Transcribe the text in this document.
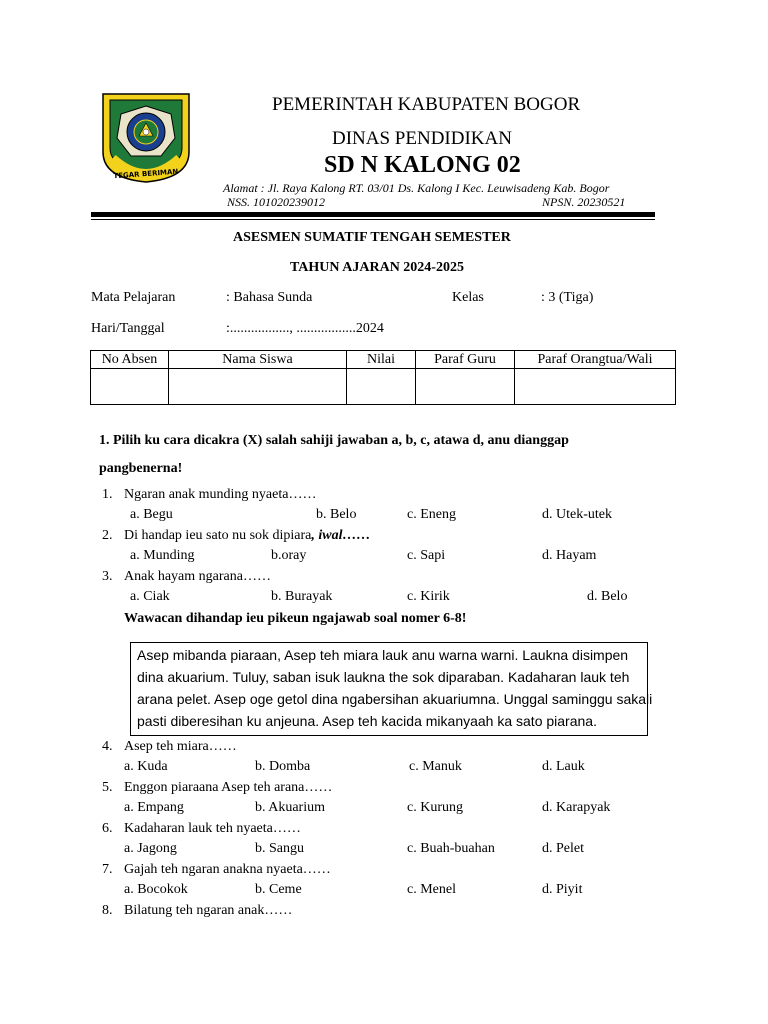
TEGAR BERIMAN
PEMERINTAH KABUPATEN BOGOR
DINAS PENDIDIKAN
SD N KALONG 02
Alamat : Jl. Raya Kalong RT. 03/01 Ds. Kalong I Kec. Leuwisadeng Kab. Bogor
NSS. 101020239012	NPSN. 20230521
ASESMEN SUMATIF TENGAH SEMESTER
TAHUN AJARAN 2024-2025
Mata Pelajaran	: Bahasa Sunda	Kelas	: 3 (Tiga)
Hari/Tanggal	:................., .................2024
No Absen	Nama Siswa	Nilai	Paraf Guru	Paraf Orangtua/Wali

1. Pilih ku cara dicakra (X) salah sahiji jawaban a, b, c, atawa d, anu dianggap
pangbenerna!
1. Ngaran anak munding nyaeta……
a. Begu	b. Belo	c. Eneng	d. Utek-utek
2. Di handap ieu sato nu sok dipiara, iwal……
a. Munding	b.oray	c. Sapi	d. Hayam
3. Anak hayam ngarana……
a. Ciak	b. Burayak	c. Kirik	d. Belo
Wawacan dihandap ieu pikeun ngajawab soal nomer 6-8!
Asep mibanda piaraan, Asep teh miara lauk anu warna warni. Laukna disimpen
dina akuarium. Tuluy, saban isuk laukna the sok diparaban. Kadaharan lauk teh
arana pelet. Asep oge getol dina ngabersihan akuariumna. Unggal saminggu sakali
pasti diberesihan ku anjeuna. Asep teh kacida mikanyaah ka sato piarana.
4. Asep teh miara……
a. Kuda	b. Domba	c. Manuk	d. Lauk
5. Enggon piaraana Asep teh arana……
a. Empang	b. Akuarium	c. Kurung	d. Karapyak
6. Kadaharan lauk teh nyaeta……
a. Jagong	b. Sangu	c. Buah-buahan	d. Pelet
7. Gajah teh ngaran anakna nyaeta……
a. Bocokok	b. Ceme	c. Menel	d. Piyit
8. Bilatung teh ngaran anak……
